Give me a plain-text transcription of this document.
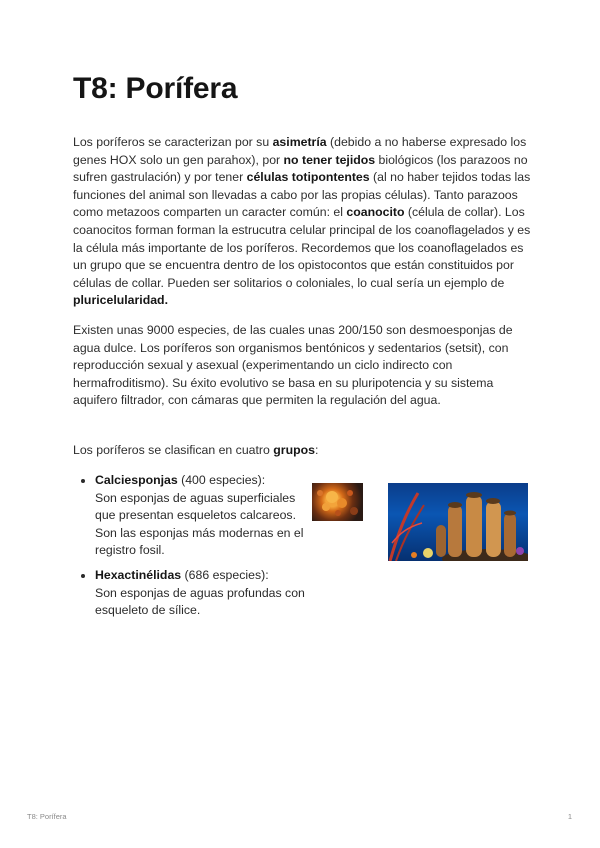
T8: Porífera

Los poríferos se caracterizan por su asimetría (debido a no haberse expresado los genes HOX solo un gen parahox), por no tener tejidos biológicos (los parazoos no sufren gastrulación) y por tener células totipontentes (al no haber tejidos todas las funciones del animal son llevadas a cabo por las propias células). Tanto parazoos como metazoos comparten un caracter común: el coanocito (célula de collar). Los coanocitos forman forman la estrucutra celular principal de los coanoflagelados y es la célula más importante de los poríferos. Recordemos que los coanoflagelados es un grupo que se encuentra dentro de los opistocontos que están constituidos por células de collar. Pueden ser solitarios o coloniales, lo cual sería un ejemplo de pluricelularidad.

Existen unas 9000 especies, de las cuales unas 200/150 son desmoesponjas de agua dulce. Los poríferos son organismos bentónicos y sedentarios (setsit), con reproducción sexual y asexual (experimentando un ciclo indirecto con hermafroditismo). Su éxito evolutivo se basa en su pluripotencia y su sistema aquifero filtrador, con cámaras que permiten la regulación del agua.

Los poríferos se clasifican en cuatro grupos:

• Calciesponjas (400 especies):
Son esponjas de aguas superficiales que presentan esqueletos calcareos. Son las esponjas más modernas en el registro fosil.
• Hexactinélidas (686 especies):
Son esponjas de aguas profundas con esqueleto de sílice.
T8: Porífera	1
